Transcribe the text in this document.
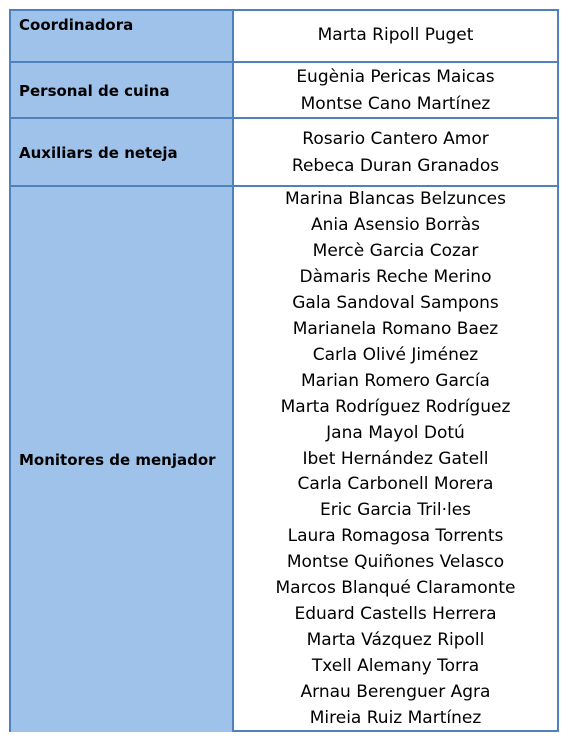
Coordinadora
Marta Ripoll Puget
Personal de cuina
Eugènia Pericas Maicas
Montse Cano Martínez
Auxiliars de neteja
Rosario Cantero Amor
Rebeca Duran Granados
Monitores de menjador
Marina Blancas Belzunces
Ania Asensio Borràs
Mercè Garcia Cozar
Dàmaris Reche Merino
Gala Sandoval Sampons
Marianela Romano Baez
Carla Olivé Jiménez
Marian Romero García
Marta Rodríguez Rodríguez
Jana Mayol Dotú
Ibet Hernández Gatell
Carla Carbonell Morera
Eric Garcia Tril·les
Laura Romagosa Torrents
Montse Quiñones Velasco
Marcos Blanqué Claramonte
Eduard Castells Herrera
Marta Vázquez Ripoll
Txell Alemany Torra
Arnau Berenguer Agra
Mireia Ruiz Martínez
